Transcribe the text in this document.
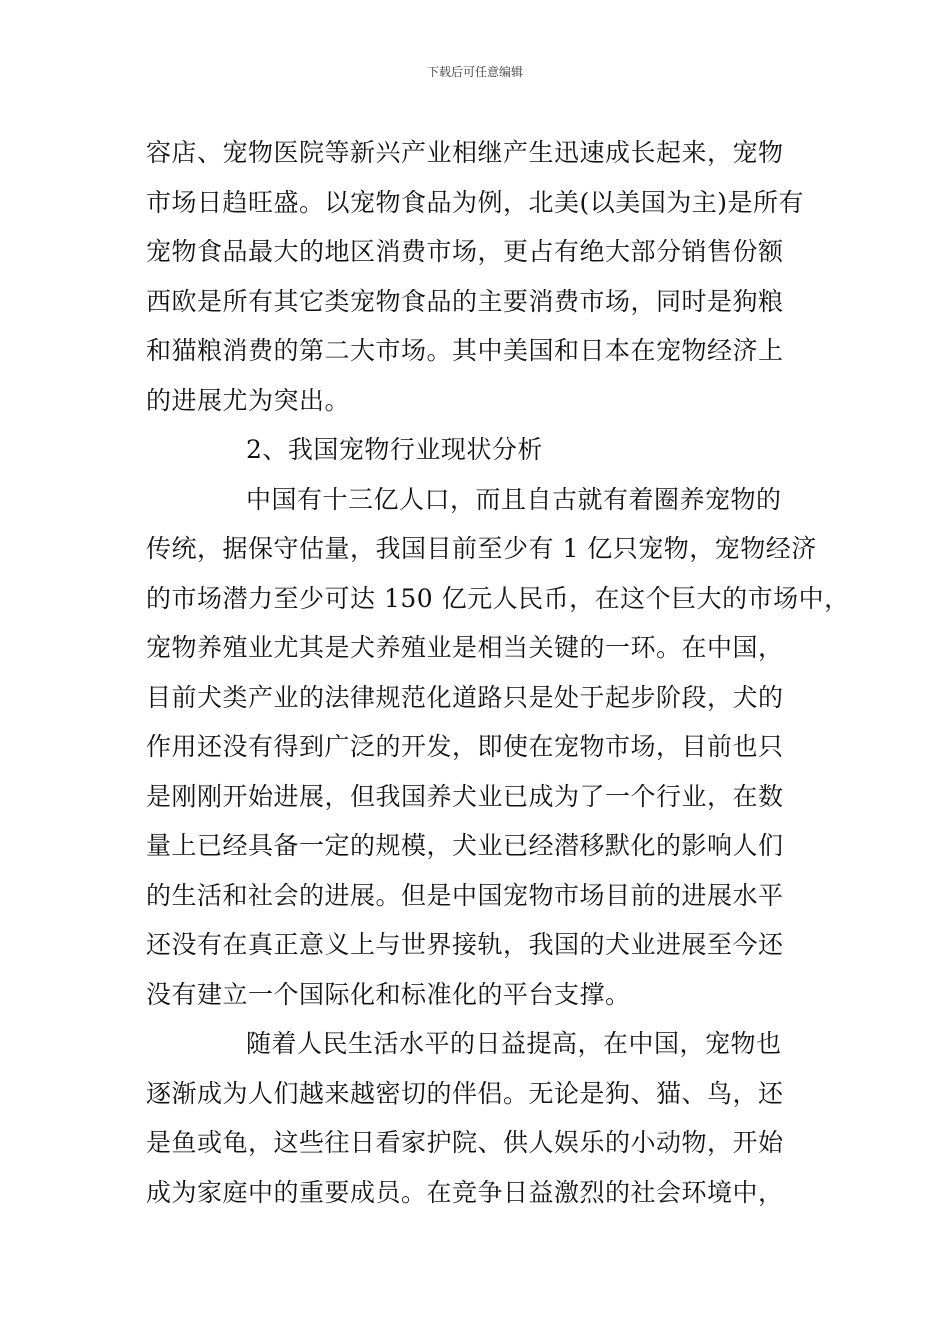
下载后可任意编辑
容店、宠物医院等新兴产业相继产生迅速成长起来，宠物
市场日趋旺盛。以宠物食品为例，北美(以美国为主)是所有
宠物食品最大的地区消费市场，更占有绝大部分销售份额
西欧是所有其它类宠物食品的主要消费市场，同时是狗粮
和猫粮消费的第二大市场。其中美国和日本在宠物经济上
的进展尤为突出。
2、我国宠物行业现状分析
中国有十三亿人口，而且自古就有着圈养宠物的
传统，据保守估量，我国目前至少有 1 亿只宠物，宠物经济
的市场潜力至少可达 150 亿元人民币，在这个巨大的市场中，
宠物养殖业尤其是犬养殖业是相当关键的一环。在中国，
目前犬类产业的法律规范化道路只是处于起步阶段，犬的
作用还没有得到广泛的开发，即使在宠物市场，目前也只
是刚刚开始进展，但我国养犬业已成为了一个行业，在数
量上已经具备一定的规模，犬业已经潜移默化的影响人们
的生活和社会的进展。但是中国宠物市场目前的进展水平
还没有在真正意义上与世界接轨，我国的犬业进展至今还
没有建立一个国际化和标准化的平台支撑。
随着人民生活水平的日益提高，在中国，宠物也
逐渐成为人们越来越密切的伴侣。无论是狗、猫、鸟，还
是鱼或龟，这些往日看家护院、供人娱乐的小动物，开始
成为家庭中的重要成员。在竞争日益激烈的社会环境中，
